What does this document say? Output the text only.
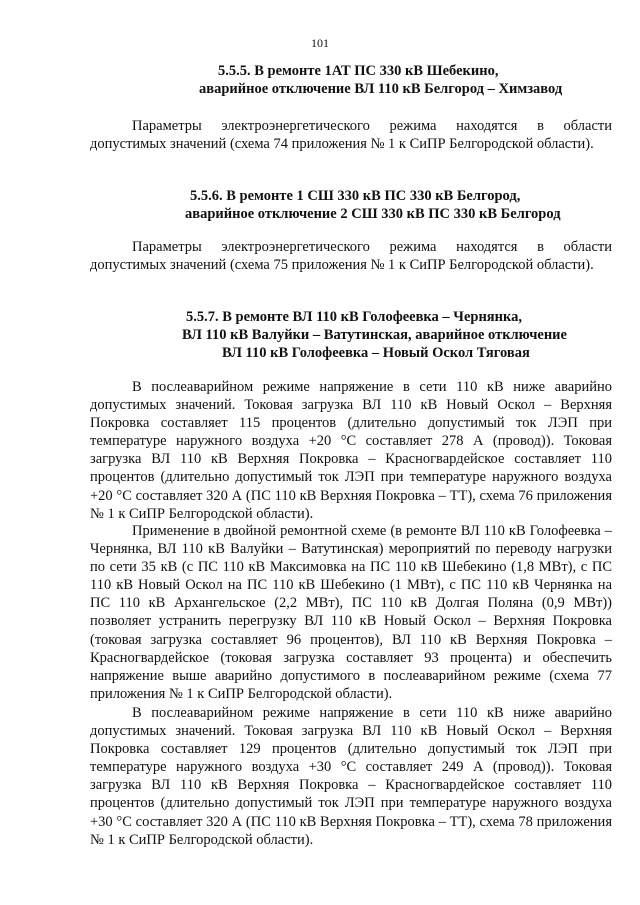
101
5.5.5. В ремонте 1АТ ПС 330 кВ Шебекино,
аварийное отключение ВЛ 110 кВ Белгород – Химзавод

Параметры электроэнергетического режима находятся в области допустимых значений (схема 74 приложения № 1 к СиПР Белгородской области).

5.5.6. В ремонте 1 СШ 330 кВ ПС 330 кВ Белгород,
аварийное отключение 2 СШ 330 кВ ПС 330 кВ Белгород

Параметры электроэнергетического режима находятся в области допустимых значений (схема 75 приложения № 1 к СиПР Белгородской области).

5.5.7. В ремонте ВЛ 110 кВ Голофеевка – Чернянка,
ВЛ 110 кВ Валуйки – Ватутинская, аварийное отключение
ВЛ 110 кВ Голофеевка – Новый Оскол Тяговая

В послеаварийном режиме напряжение в сети 110 кВ ниже аварийно допустимых значений. Токовая загрузка ВЛ 110 кВ Новый Оскол – Верхняя Покровка составляет 115 процентов (длительно допустимый ток ЛЭП при температуре наружного воздуха +20 °С составляет 278 А (провод)). Токовая загрузка ВЛ 110 кВ Верхняя Покровка – Красногвардейское составляет 110 процентов (длительно допустимый ток ЛЭП при температуре наружного воздуха +20 °С составляет 320 А (ПС 110 кВ Верхняя Покровка – ТТ), схема 76 приложения № 1 к СиПР Белгородской области).

Применение в двойной ремонтной схеме (в ремонте ВЛ 110 кВ Голофеевка – Чернянка, ВЛ 110 кВ Валуйки – Ватутинская) мероприятий по переводу нагрузки по сети 35 кВ (с ПС 110 кВ Максимовка на ПС 110 кВ Шебекино (1,8 МВт), с ПС 110 кВ Новый Оскол на ПС 110 кВ Шебекино (1 МВт), с ПС 110 кВ Чернянка на ПС 110 кВ Архангельское (2,2 МВт), ПС 110 кВ Долгая Поляна (0,9 МВт)) позволяет устранить перегрузку ВЛ 110 кВ Новый Оскол – Верхняя Покровка (токовая загрузка составляет 96 процентов), ВЛ 110 кВ Верхняя Покровка – Красногвардейское (токовая загрузка составляет 93 процента) и обеспечить напряжение выше аварийно допустимого в послеаварийном режиме (схема 77 приложения № 1 к СиПР Белгородской области).

В послеаварийном режиме напряжение в сети 110 кВ ниже аварийно допустимых значений. Токовая загрузка ВЛ 110 кВ Новый Оскол – Верхняя Покровка составляет 129 процентов (длительно допустимый ток ЛЭП при температуре наружного воздуха +30 °С составляет 249 А (провод)). Токовая загрузка ВЛ 110 кВ Верхняя Покровка – Красногвардейское составляет 110 процентов (длительно допустимый ток ЛЭП при температуре наружного воздуха +30 °С составляет 320 А (ПС 110 кВ Верхняя Покровка – ТТ), схема 78 приложения № 1 к СиПР Белгородской области).
